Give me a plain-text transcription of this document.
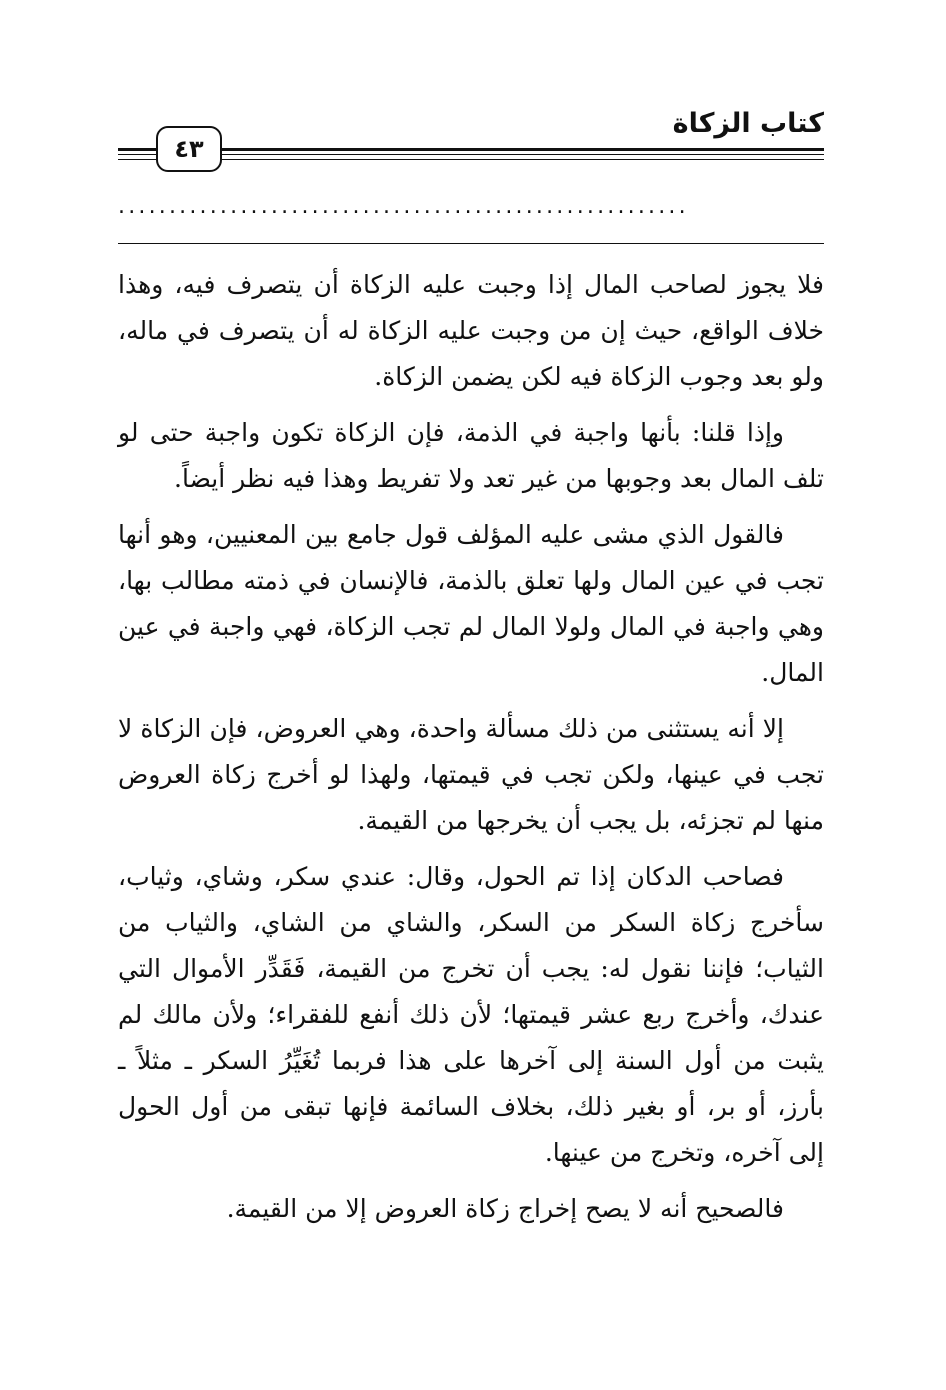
كتاب الزكاة
٤٣
........................................................

فلا يجوز لصاحب المال إذا وجبت عليه الزكاة أن يتصرف فيه، وهذا خلاف الواقع، حيث إن من وجبت عليه الزكاة له أن يتصرف في ماله، ولو بعد وجوب الزكاة فيه لكن يضمن الزكاة.

وإذا قلنا: بأنها واجبة في الذمة، فإن الزكاة تكون واجبة حتى لو تلف المال بعد وجوبها من غير تعد ولا تفريط وهذا فيه نظر أيضاً.

فالقول الذي مشى عليه المؤلف قول جامع بين المعنيين، وهو أنها تجب في عين المال ولها تعلق بالذمة، فالإنسان في ذمته مطالب بها، وهي واجبة في المال ولولا المال لم تجب الزكاة، فهي واجبة في عين المال.

إلا أنه يستثنى من ذلك مسألة واحدة، وهي العروض، فإن الزكاة لا تجب في عينها، ولكن تجب في قيمتها، ولهذا لو أخرج زكاة العروض منها لم تجزئه، بل يجب أن يخرجها من القيمة.

فصاحب الدكان إذا تم الحول، وقال: عندي سكر، وشاي، وثياب، سأخرج زكاة السكر من السكر، والشاي من الشاي، والثياب من الثياب؛ فإننا نقول له: يجب أن تخرج من القيمة، فَقَدِّر الأموال التي عندك، وأخرج ربع عشر قيمتها؛ لأن ذلك أنفع للفقراء؛ ولأن مالك لم يثبت من أول السنة إلى آخرها على هذا فربما تُغَيِّرُ السكر ـ مثلاً ـ بأرز، أو بر، أو بغير ذلك، بخلاف السائمة فإنها تبقى من أول الحول إلى آخره، وتخرج من عينها.

فالصحيح أنه لا يصح إخراج زكاة العروض إلا من القيمة.
